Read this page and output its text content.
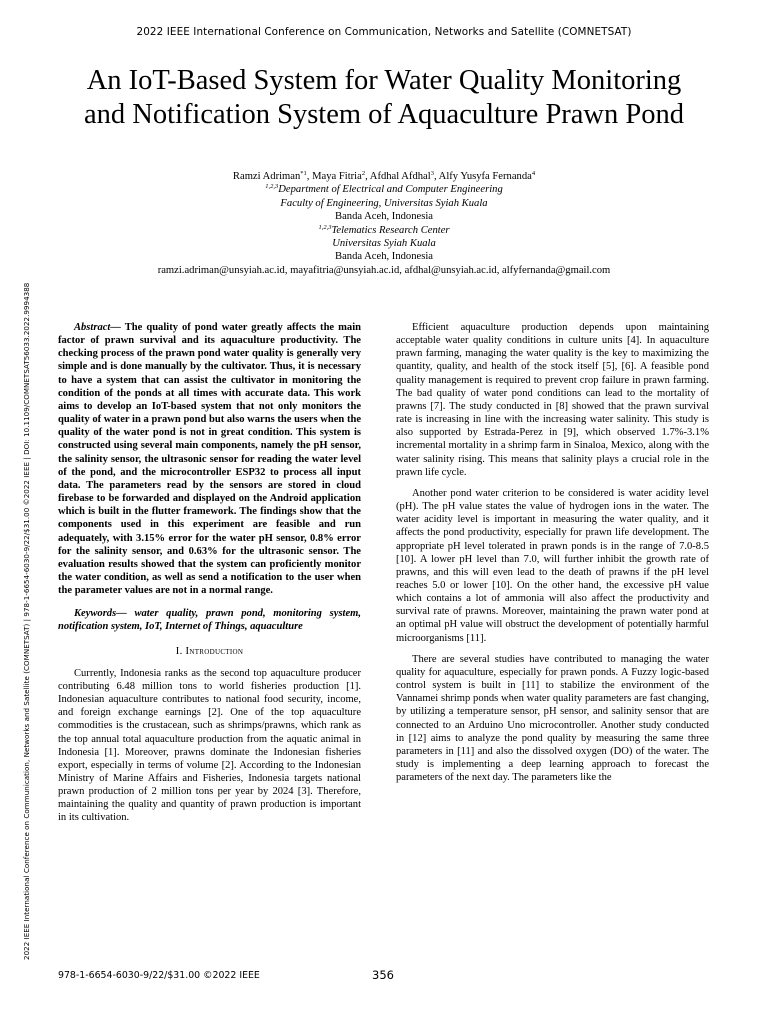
2022 IEEE International Conference on Communication, Networks and Satellite (COMNETSAT)
An IoT-Based System for Water Quality Monitoring
and Notification System of Aquaculture Prawn Pond
Ramzi Adriman$^{*1}$, Maya Fitria$^2$, Afdhal Afdhal$^3$, Alfy Yusyfa Fernanda$^4$
$^{1,2,3}$Department of Electrical and Computer Engineering
Faculty of Engineering, Universitas Syiah Kuala
Banda Aceh, Indonesia
$^{1,2,3}$Telematics Research Center
Universitas Syiah Kuala
Banda Aceh, Indonesia
ramzi.adriman@unsyiah.ac.id, mayafitria@unsyiah.ac.id, afdhal@unsyiah.ac.id, alfyfernanda@gmail.com
2022 IEEE International Conference on Communication, Networks and Satellite (COMNETSAT) | 978-1-6654-6030-9/22/$31.00 ©2022 IEEE | DOI: 10.1109/COMNETSAT56033.2022.9994388	Abstract— The quality of pond water greatly affects the main factor of prawn survival and its aquaculture productivity. The checking process of the prawn pond water quality is generally very simple and is done manually by the cultivator. Thus, it is necessary to have a system that can assist the cultivator in monitoring the condition of the ponds at all times with accurate data. This work aims to develop an IoT-based system that not only monitors the quality of water in a prawn pond but also warns the users when the quality of the water pond is not in great condition. This system is constructed using several main components, namely the pH sensor, the salinity sensor, the ultrasonic sensor for reading the water level of the pond, and the microcontroller ESP32 to process all input data. The parameters read by the sensors are stored in cloud firebase to be forwarded and displayed on the Android application which is built in the flutter framework. The findings show that the components used in this experiment are feasible and run adequately, with 3.15% error for the water pH sensor, 0.8% error for the salinity sensor, and 0.63% for the ultrasonic sensor. The evaluation results showed that the system can proficiently monitor the water condition, as well as send a notification to the user when the parameter values are not in a normal range.

Keywords— water quality, prawn pond, monitoring system, notification system, IoT, Internet of Things, aquaculture

I. Introduction

Currently, Indonesia ranks as the second top aquaculture producer contributing 6.48 million tons to world fisheries production [1]. Indonesian aquaculture contributes to national food security, income, and foreign exchange earnings [2]. One of the top aquaculture commodities is the crustacean, such as shrimps/prawns, which rank as the top annual total aquaculture production from the aquatic animal in Indonesia [1]. Moreover, prawns dominate the Indonesian fisheries export, especially in terms of volume [2]. According to the Indonesian Ministry of Marine Affairs and Fisheries, Indonesia targets national prawn production of 2 million tons per year by 2024 [3]. Therefore, maintaining the quality and quantity of prawn production is important in its cultivation.

Efficient aquaculture production depends upon maintaining acceptable water quality conditions in culture units [4]. In aquaculture prawn farming, managing the water quality is the key to maximizing the quantity, quality, and health of the stock itself [5], [6]. A feasible pond quality management is required to prevent crop failure in prawn farming. The bad quality of water pond conditions can lead to the mortality of prawns [7]. The study conducted in [8] showed that the prawn survival rate is increasing in line with the increasing water salinity. This study is also supported by Estrada-Perez in [9], which observed 1.7%-3.1% incremental mortality in a shrimp farm in Sinaloa, Mexico, along with the water salinity rising. This means that salinity plays a crucial role in the prawn life cycle.

Another pond water criterion to be considered is water acidity level (pH). The pH value states the value of hydrogen ions in the water. The water acidity level is important in measuring the water quality, and it affects the pond productivity, especially for prawn life development. The appropriate pH level tolerated in prawn ponds is in the range of 7.0-8.5 [10]. A lower pH level than 7.0, will further inhibit the growth rate of prawns, and this will even lead to the death of prawns if the pH level reaches 5.0 or lower [10]. On the other hand, the excessive pH value which contains a lot of ammonia will also affect the productivity and survival rate of prawns. Moreover, maintaining the prawn water pond at an optimal pH value will obstruct the development of potentially harmful microorganisms [11].

There are several studies have contributed to managing the water quality for aquaculture, especially for prawn ponds. A Fuzzy logic-based control system is built in [11] to stabilize the environment of the Vannamei shrimp ponds when water quality parameters are fast changing, by utilizing a temperature sensor, pH sensor, and salinity sensor that are connected to an Arduino Uno microcontroller. Another study conducted in [12] aims to analyze the pond quality by measuring the same three parameters in [11] and also the dissolved oxygen (DO) of the water. The study is implementing a deep learning approach to forecast the parameters of the next day. The parameters like the

978-1-6654-6030-9/22/$31.00 ©2022 IEEE	356
